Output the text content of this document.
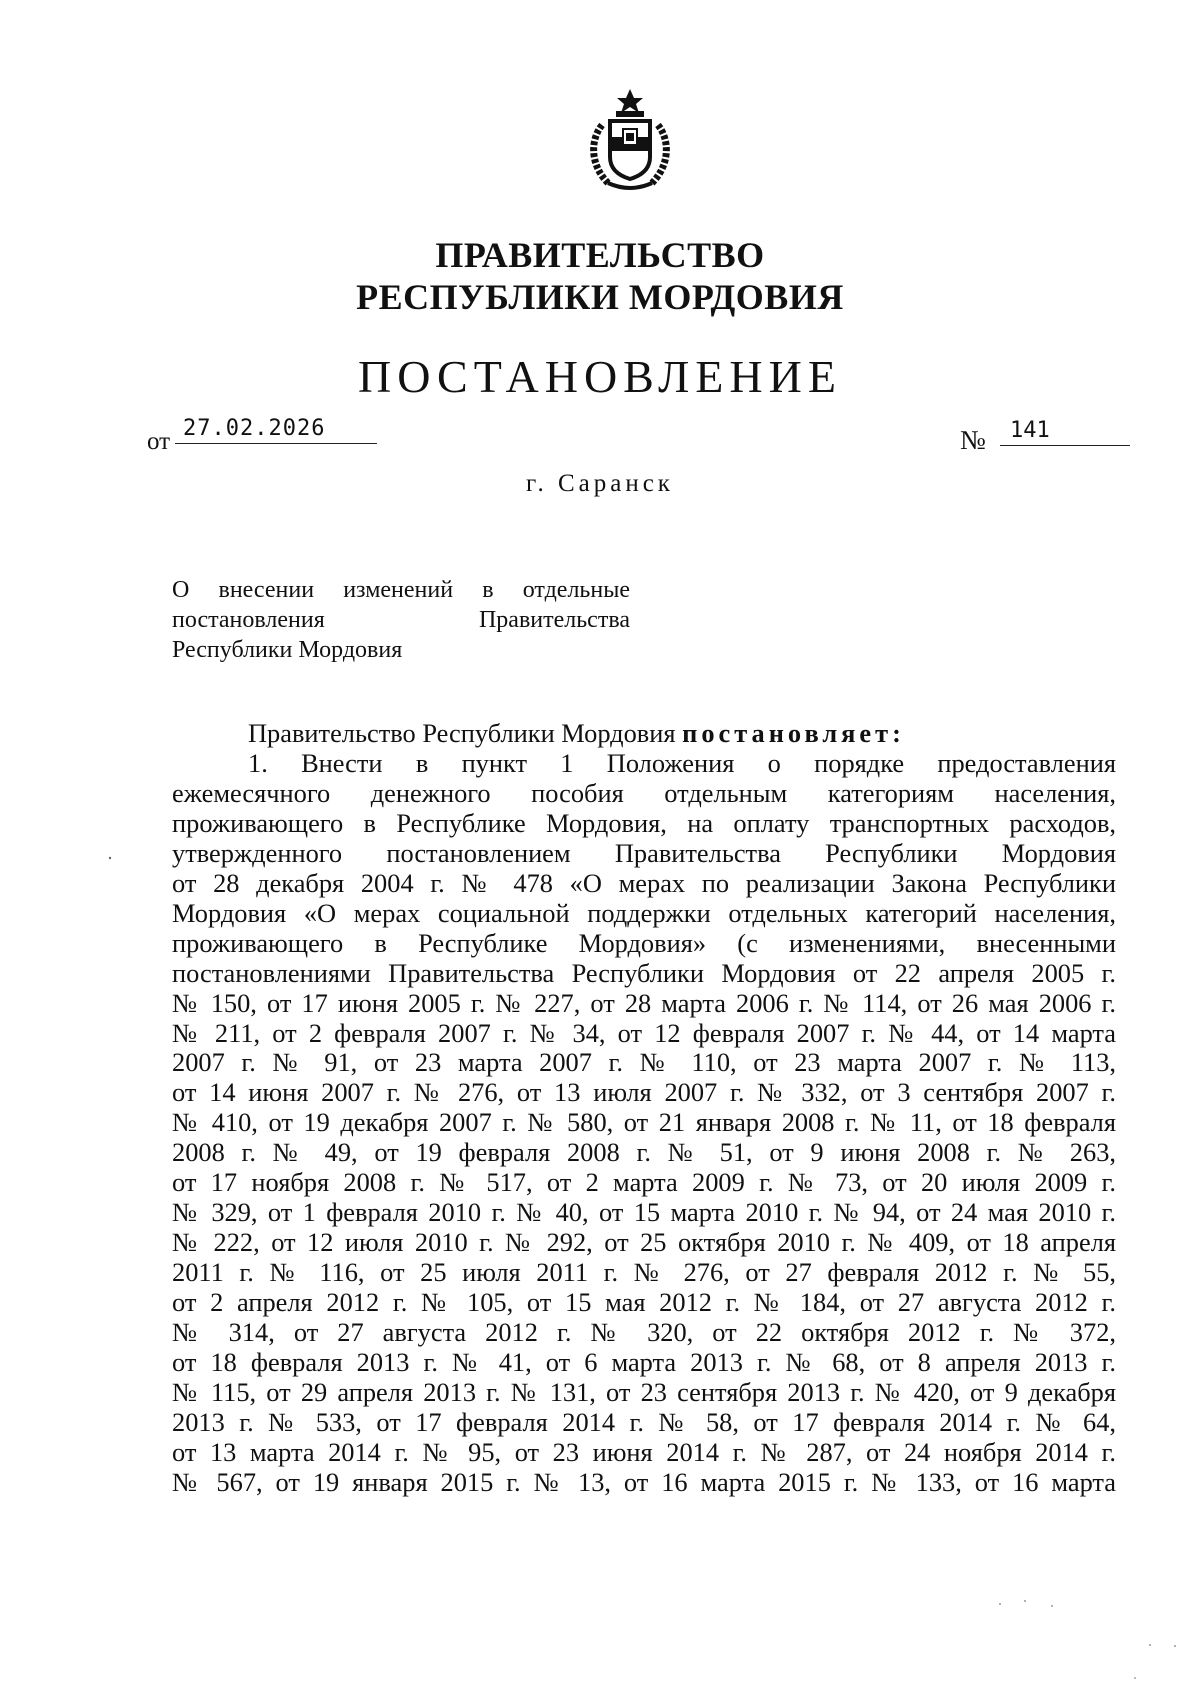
ПРАВИТЕЛЬСТВО
РЕСПУБЛИКИ МОРДОВИЯ
ПОСТАНОВЛЕНИЕ
от 27.02.2026	№	141
г. Саранск
О внесении изменений в отдельные
постановления Правительства
Республики Мордовия
Правительство Республики Мордовия постановляет:
1. Внести в пункт 1 Положения о порядке предоставления
ежемесячного денежного пособия отдельным категориям населения,
проживающего в Республике Мордовия, на оплату транспортных расходов,
утвержденного постановлением Правительства Республики Мордовия
от 28 декабря 2004 г. № 478 «О мерах по реализации Закона Республики
Мордовия «О мерах социальной поддержки отдельных категорий населения,
проживающего в Республике Мордовия» (с изменениями, внесенными
постановлениями Правительства Республики Мордовия от 22 апреля 2005 г.
№ 150, от 17 июня 2005 г. № 227, от 28 марта 2006 г. № 114, от 26 мая 2006 г.
№ 211, от 2 февраля 2007 г. № 34, от 12 февраля 2007 г. № 44, от 14 марта
2007 г. № 91, от 23 марта 2007 г. № 110, от 23 марта 2007 г. № 113,
от 14 июня 2007 г. № 276, от 13 июля 2007 г. № 332, от 3 сентября 2007 г.
№ 410, от 19 декабря 2007 г. № 580, от 21 января 2008 г. № 11, от 18 февраля
2008 г. № 49, от 19 февраля 2008 г. № 51, от 9 июня 2008 г. № 263,
от 17 ноября 2008 г. № 517, от 2 марта 2009 г. № 73, от 20 июля 2009 г.
№ 329, от 1 февраля 2010 г. № 40, от 15 марта 2010 г. № 94, от 24 мая 2010 г.
№ 222, от 12 июля 2010 г. № 292, от 25 октября 2010 г. № 409, от 18 апреля
2011 г. № 116, от 25 июля 2011 г. № 276, от 27 февраля 2012 г. № 55,
от 2 апреля 2012 г. № 105, от 15 мая 2012 г. № 184, от 27 августа 2012 г.
№ 314, от 27 августа 2012 г. № 320, от 22 октября 2012 г. № 372,
от 18 февраля 2013 г. № 41, от 6 марта 2013 г. № 68, от 8 апреля 2013 г.
№ 115, от 29 апреля 2013 г. № 131, от 23 сентября 2013 г. № 420, от 9 декабря
2013 г. № 533, от 17 февраля 2014 г. № 58, от 17 февраля 2014 г. № 64,
от 13 марта 2014 г. № 95, от 23 июня 2014 г. № 287, от 24 ноября 2014 г.
№ 567, от 19 января 2015 г. № 13, от 16 марта 2015 г. № 133, от 16 марта
